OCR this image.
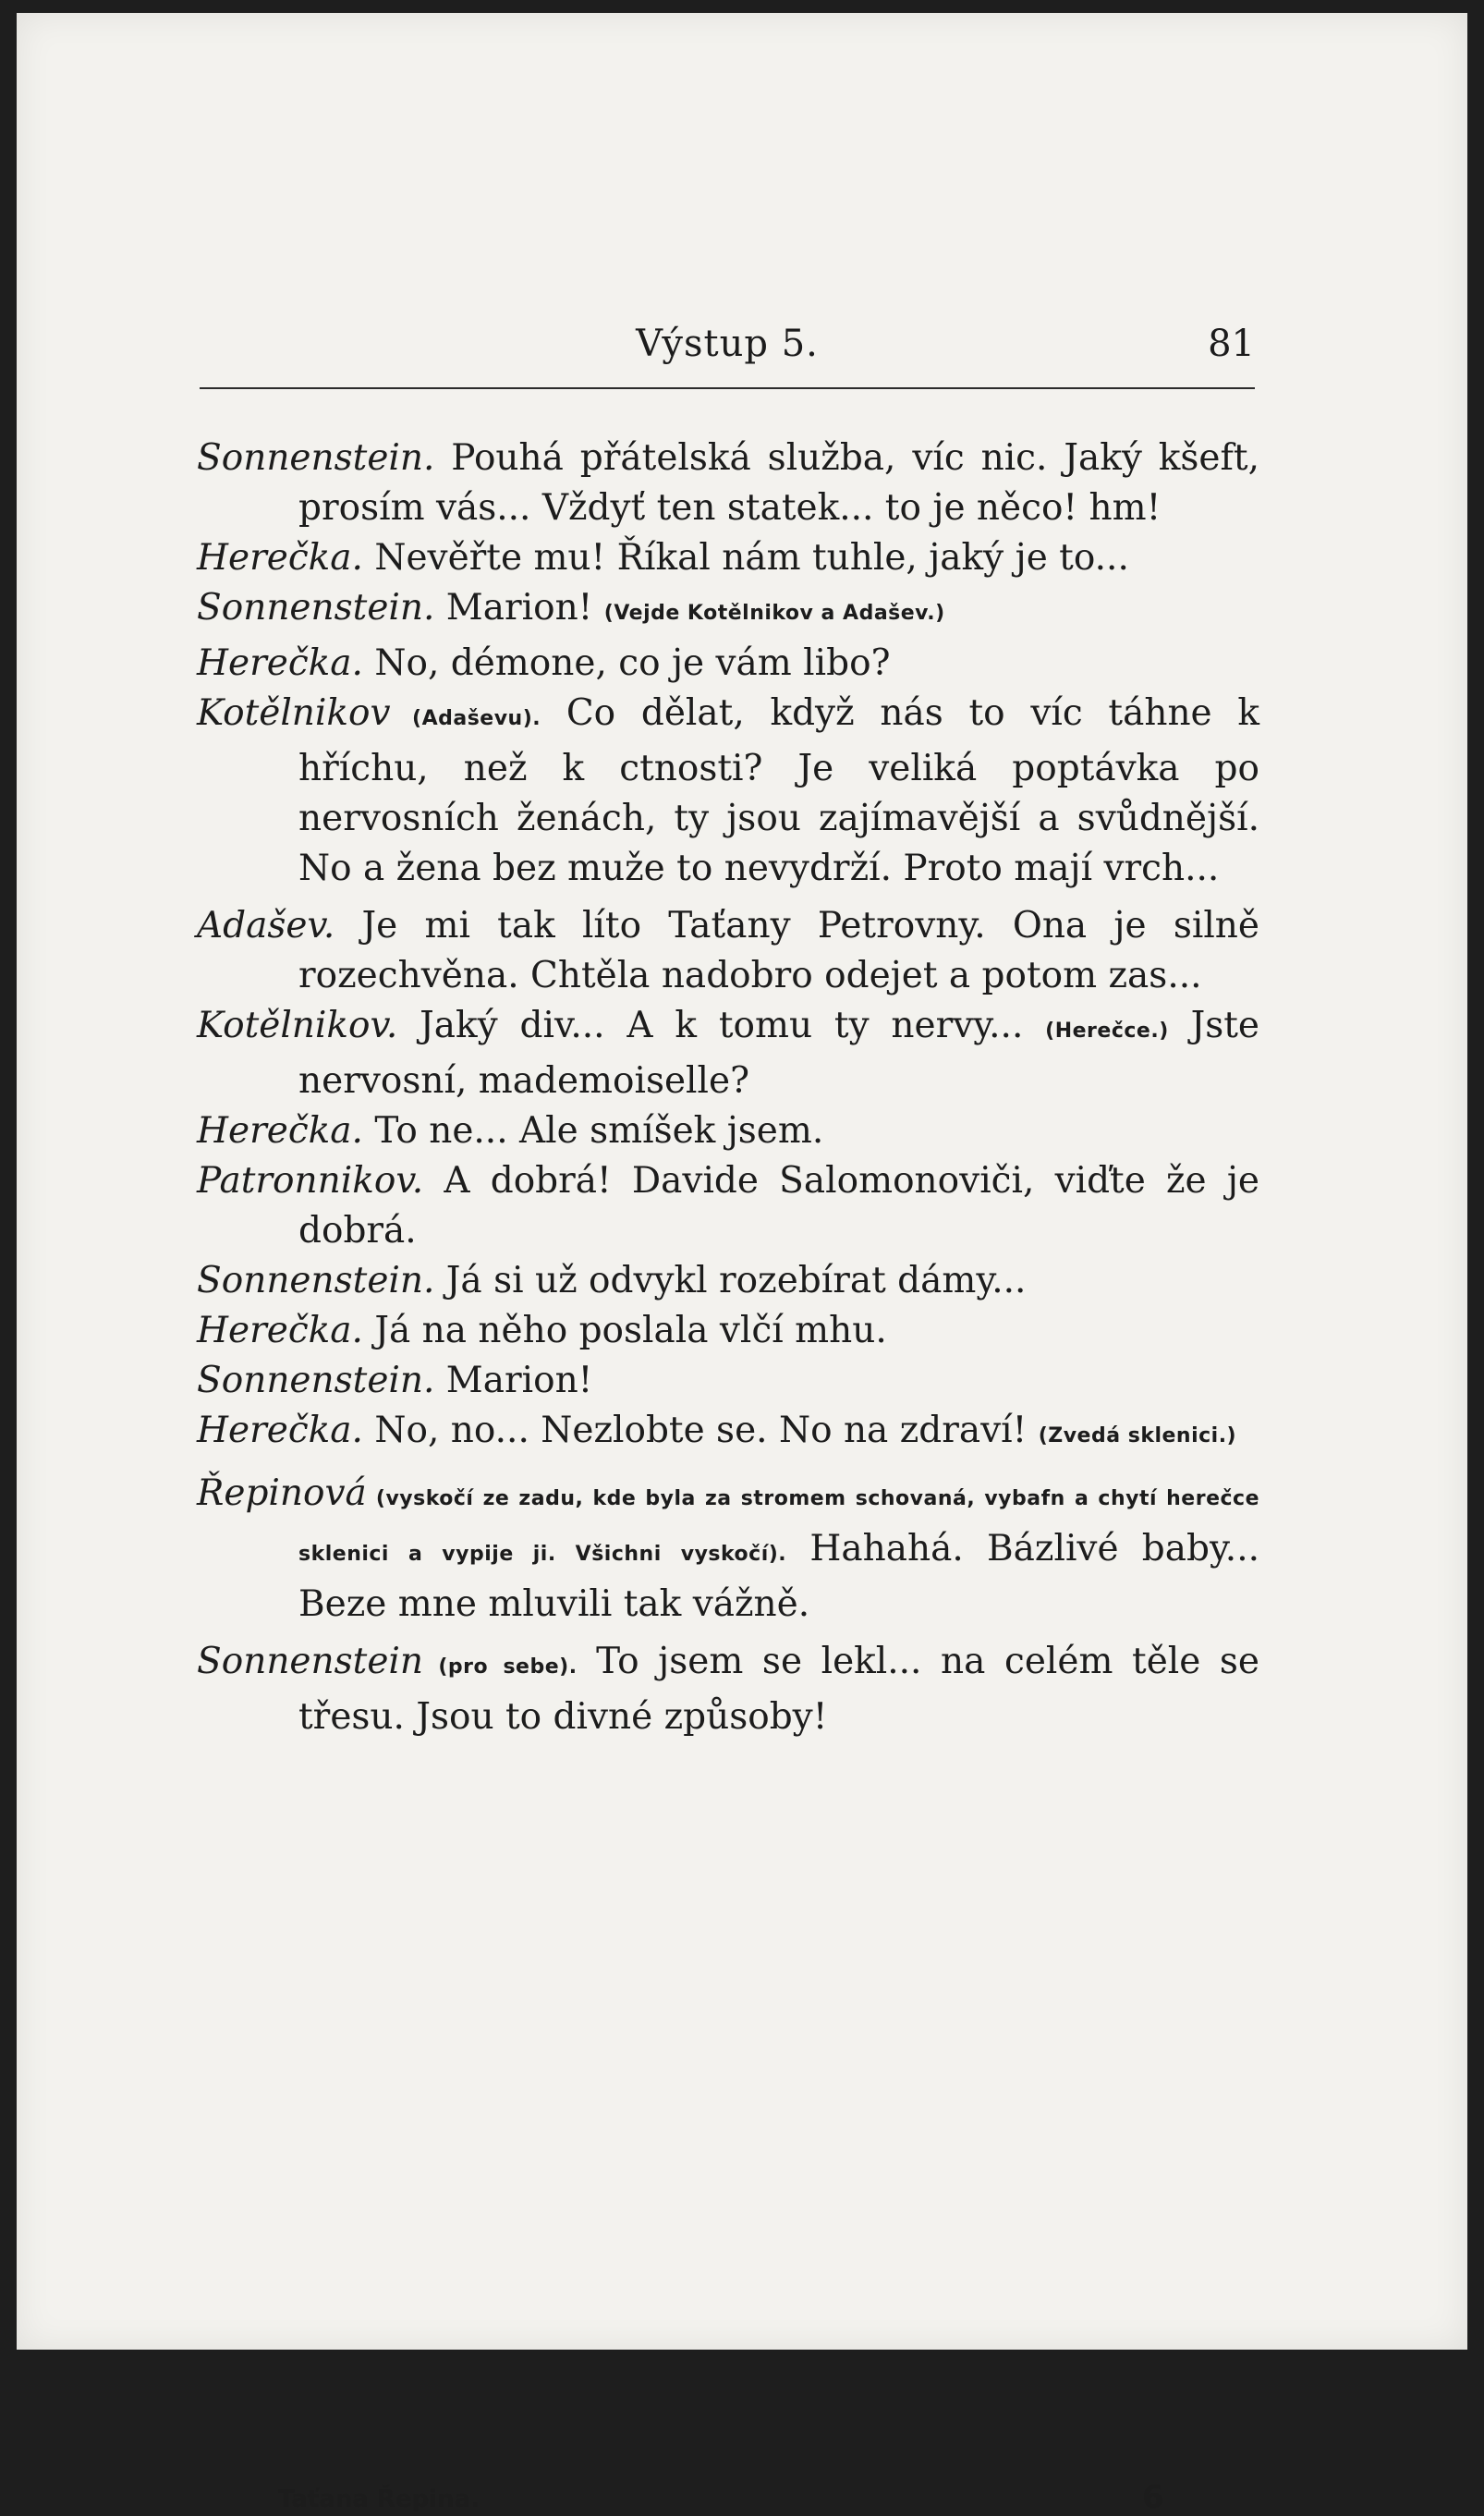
Výstup 5.	81

Sonnenstein. Pouhá přátelská služba, víc nic. Jaký kšeft, prosím vás... Vždyť ten statek... to je něco! hm!

Herečka. Nevěřte mu! Říkal nám tuhle, jaký je to...

Sonnenstein. Marion! (Vejde Kotělnikov a Adašev.)

Herečka. No, démone, co je vám libo?

Kotělnikov (Adaševu). Co dělat, když nás to víc táhne k hříchu, než k ctnosti? Je veliká poptávka po nervosních ženách, ty jsou zajímavější a svůdnější. No a žena bez muže to nevydrží. Proto mají vrch...

Adašev. Je mi tak líto Taťany Petrovny. Ona je silně rozechvěna. Chtěla nadobro odejet a potom zas...

Kotělnikov. Jaký div... A k tomu ty nervy... (Herečce.) Jste nervosní, mademoiselle?

Herečka. To ne... Ale smíšek jsem.

Patronnikov. A dobrá! Davide Salomonoviči, viďte že je dobrá.

Sonnenstein. Já si už odvykl rozebírat dámy...

Herečka. Já na něho poslala vlčí mhu.

Sonnenstein. Marion!

Herečka. No, no... Nezlobte se. No na zdraví! (Zvedá sklenici.)

Řepinová (vyskočí ze zadu, kde byla za stromem schovaná, vybafn a chytí herečce sklenici a vypije ji. Všichni vyskočí). Hahahá. Bázlivé baby... Beze mne mluvili tak vážně.

Sonnenstein (pro sebe). To jsem se lekl... na celém těle se třesu. Jsou to divné způsoby!

Taťana Řepina.	6
